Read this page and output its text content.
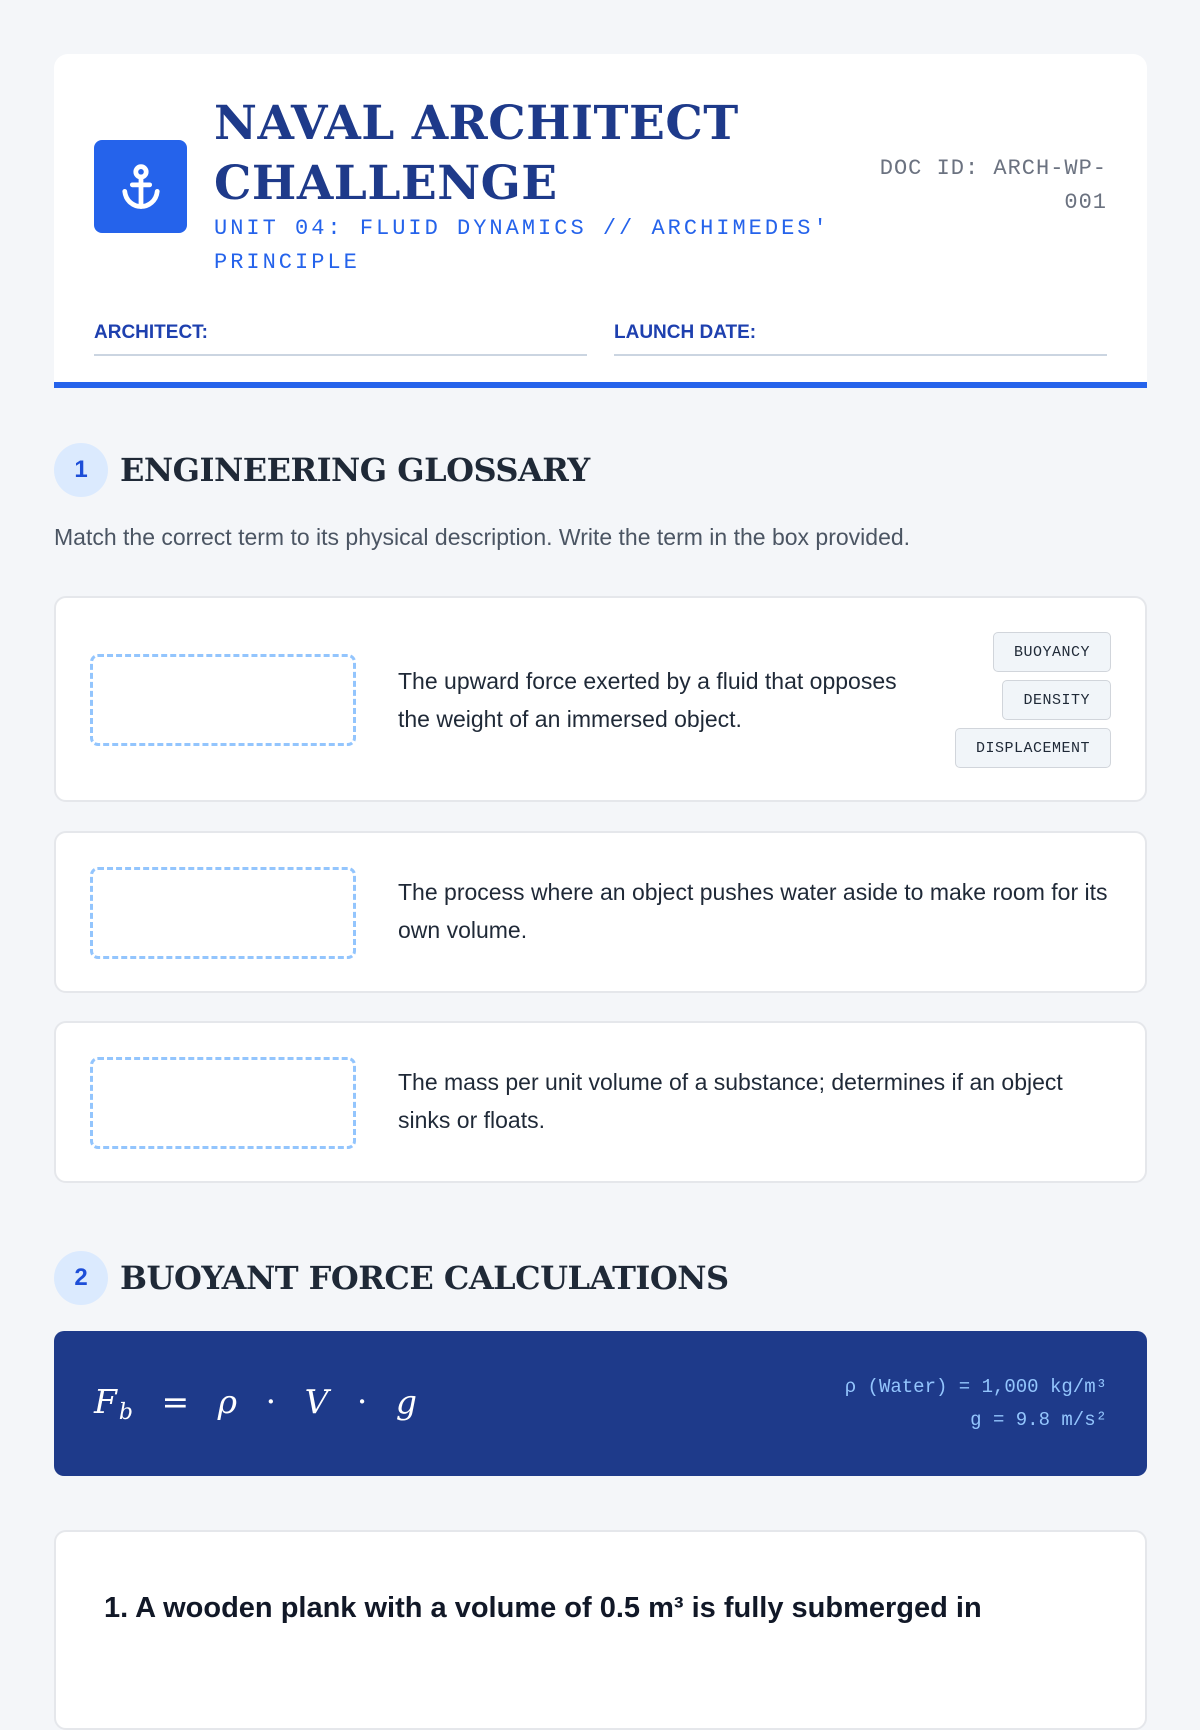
NAVAL ARCHITECT CHALLENGE
UNIT 04: FLUID DYNAMICS // ARCHIMEDES' PRINCIPLE
DOC ID: ARCH-WP-001
ARCHITECT:	LAUNCH DATE:
1	ENGINEERING GLOSSARY
Match the correct term to its physical description. Write the term in the box provided.
The upward force exerted by a fluid that opposes the weight of an immersed object.
BUOYANCY
DENSITY
DISPLACEMENT
The process where an object pushes water aside to make room for its own volume.
The mass per unit volume of a substance; determines if an object sinks or floats.
2	BUOYANT FORCE CALCULATIONS
$F_b = \rho \cdot V \cdot g$	ρ (Water) = 1,000 kg/m³
g = 9.8 m/s²
1. A wooden plank with a volume of 0.5 m³ is fully submerged in
